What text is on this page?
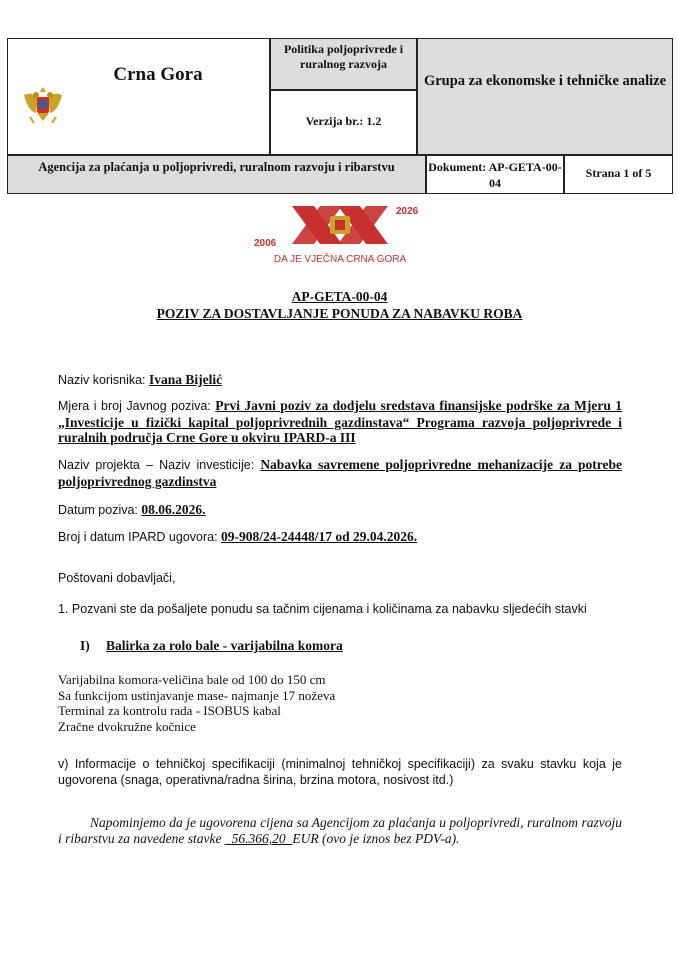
Crna Gora
Politika poljoprivrede i ruralnog razvoja
Verzija br.: 1.2
Grupa za ekonomske i tehničke analize
Agencija za plaćanja u poljoprivredi, ruralnom razvoju i ribarstvu	Dokument: AP-GETA-00-04
Strana 1 of 5
2026
2006
DA JE VJEČNA CRNA GORA
AP-GETA-00-04
POZIV ZA DOSTAVLJANJE PONUDA ZA NABAVKU ROBA
Naziv korisnika: Ivana Bijelić
Mjera i broj Javnog poziva: Prvi Javni poziv za dodjelu sredstava finansijske podrške za Mjeru 1 „Investicije u fizički kapital poljoprivrednih gazdinstava“ Programa razvoja poljoprivrede i ruralnih područja Crne Gore u okviru IPARD-a III
Naziv projekta – Naziv investicije: Nabavka savremene poljoprivredne mehanizacije za potrebe poljoprivrednog gazdinstva
Datum poziva: 08.06.2026.
Broj i datum IPARD ugovora: 09-908/24-24448/17 od 29.04.2026.
Poštovani dobavljači,
1. Pozvani ste da pošaljete ponudu sa tačnim cijenama i količinama za nabavku sljedećih stavki
I) Balirka za rolo bale - varijabilna komora
Varijabilna komora-veličina bale od 100 do 150 cm
Sa funkcijom ustinjavanje mase- najmanje 17 noževa
Terminal za kontrolu rada - ISOBUS kabal
Zračne dvokružne kočnice
v) Informacije o tehničkoj specifikaciji (minimalnoj tehničkoj specifikaciji) za svaku stavku koja je ugovorena (snaga, operativna/radna širina, brzina motora, nosivost itd.)
Napominjemo da je ugovorena cijena sa Agencijom za plaćanja u poljoprivredi, ruralnom razvoju i ribarstvu za navedene stavke _56.366,20_EUR (ovo je iznos bez PDV-a).
